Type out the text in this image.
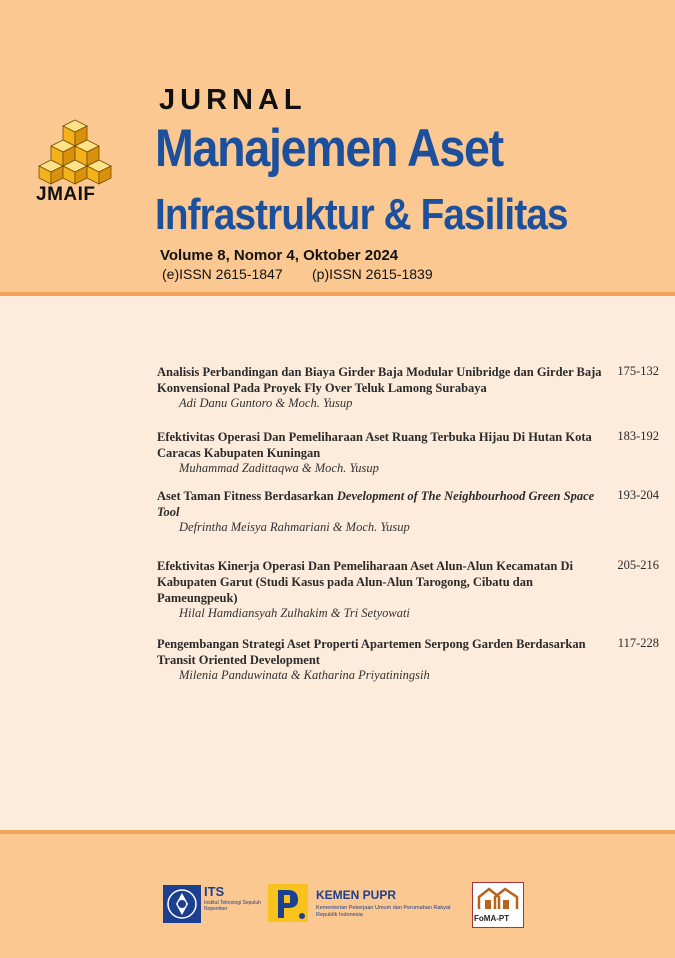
JMAIF
JURNAL
Manajemen Aset
Infrastruktur & Fasilitas
Volume 8, Nomor 4, Oktober 2024
(e)ISSN 2615-1847 (p)ISSN 2615-1839
Analisis Perbandingan dan Biaya Girder Baja Modular Unibridge dan Girder Baja Konvensional Pada Proyek Fly Over Teluk Lamong Surabaya
Adi Danu Guntoro & Moch. Yusup
175-132
Efektivitas Operasi Dan Pemeliharaan Aset Ruang Terbuka Hijau Di Hutan Kota Caracas Kabupaten Kuningan
Muhammad Zadittaqwa & Moch. Yusup
183-192
Aset Taman Fitness Berdasarkan Development of The Neighbourhood Green Space Tool
Defrintha Meisya Rahmariani & Moch. Yusup
193-204
Efektivitas Kinerja Operasi Dan Pemeliharaan Aset Alun-Alun Kecamatan Di Kabupaten Garut (Studi Kasus pada Alun-Alun Tarogong, Cibatu dan Pameungpeuk)
Hilal Hamdiansyah Zulhakim & Tri Setyowati
205-216
Pengembangan Strategi Aset Properti Apartemen Serpong Garden Berdasarkan Transit Oriented Development
Milenia Panduwinata & Katharina Priyatiningsih
117-228
ITS
Institut Teknologi Sepuluh Nopember
KEMEN PUPR
Kementerian Pekerjaan Umum dan Perumahan Rakyat Republik Indonesia	FoMA-PT
